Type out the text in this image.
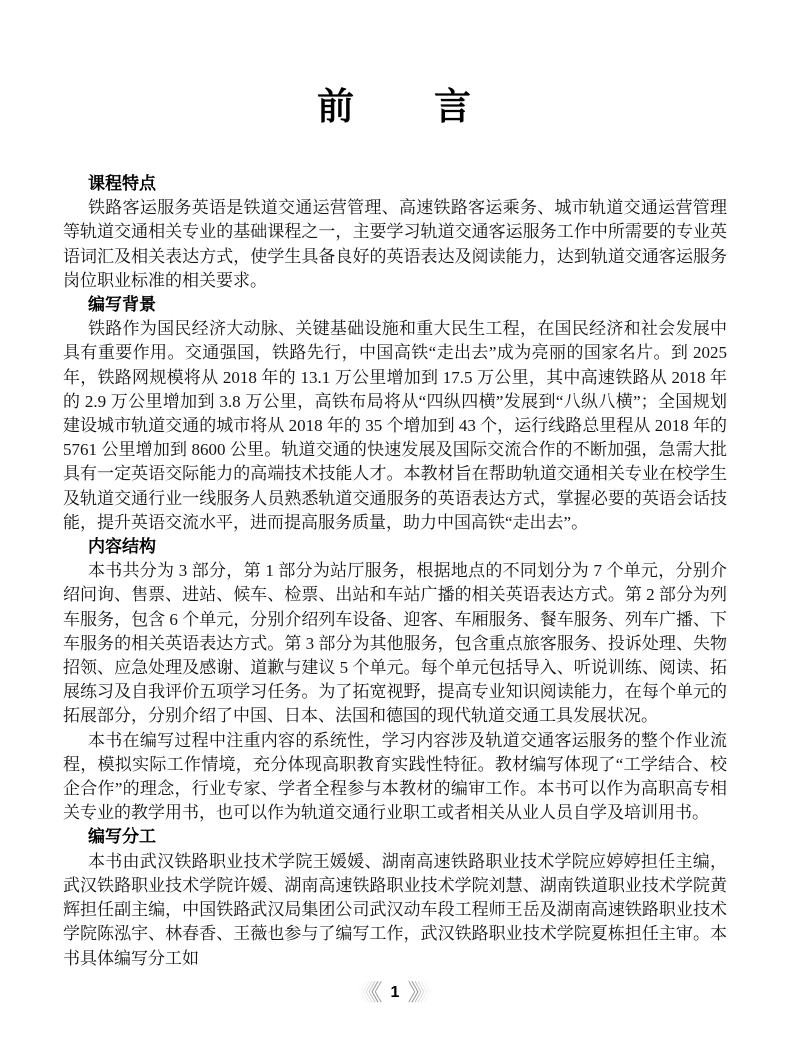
前　　言
课程特点

铁路客运服务英语是铁道交通运营管理、高速铁路客运乘务、城市轨道交通运营管理等轨道交通相关专业的基础课程之一，主要学习轨道交通客运服务工作中所需要的专业英语词汇及相关表达方式，使学生具备良好的英语表达及阅读能力，达到轨道交通客运服务岗位职业标准的相关要求。

编写背景

铁路作为国民经济大动脉、关键基础设施和重大民生工程，在国民经济和社会发展中具有重要作用。交通强国，铁路先行，中国高铁“走出去”成为亮丽的国家名片。到 2025 年，铁路网规模将从 2018 年的 13.1 万公里增加到 17.5 万公里，其中高速铁路从 2018 年的 2.9 万公里增加到 3.8 万公里，高铁布局将从“四纵四横”发展到“八纵八横”；全国规划建设城市轨道交通的城市将从 2018 年的 35 个增加到 43 个，运行线路总里程从 2018 年的 5761 公里增加到 8600 公里。轨道交通的快速发展及国际交流合作的不断加强，急需大批具有一定英语交际能力的高端技术技能人才。本教材旨在帮助轨道交通相关专业在校学生及轨道交通行业一线服务人员熟悉轨道交通服务的英语表达方式，掌握必要的英语会话技能，提升英语交流水平，进而提高服务质量，助力中国高铁“走出去”。

内容结构

本书共分为 3 部分，第 1 部分为站厅服务，根据地点的不同划分为 7 个单元，分别介绍问询、售票、进站、候车、检票、出站和车站广播的相关英语表达方式。第 2 部分为列车服务，包含 6 个单元，分别介绍列车设备、迎客、车厢服务、餐车服务、列车广播、下车服务的相关英语表达方式。第 3 部分为其他服务，包含重点旅客服务、投诉处理、失物招领、应急处理及感谢、道歉与建议 5 个单元。每个单元包括导入、听说训练、阅读、拓展练习及自我评价五项学习任务。为了拓宽视野，提高专业知识阅读能力，在每个单元的拓展部分，分别介绍了中国、日本、法国和德国的现代轨道交通工具发展状况。

本书在编写过程中注重内容的系统性，学习内容涉及轨道交通客运服务的整个作业流程，模拟实际工作情境，充分体现高职教育实践性特征。教材编写体现了“工学结合、校企合作”的理念，行业专家、学者全程参与本教材的编审工作。本书可以作为高职高专相关专业的教学用书，也可以作为轨道交通行业职工或者相关从业人员自学及培训用书。

编写分工

本书由武汉铁路职业技术学院王媛媛、湖南高速铁路职业技术学院应婷婷担任主编，武汉铁路职业技术学院许媛、湖南高速铁路职业技术学院刘慧、湖南铁道职业技术学院黄辉担任副主编，中国铁路武汉局集团公司武汉动车段工程师王岳及湖南高速铁路职业技术学院陈泓宇、林春香、王薇也参与了编写工作，武汉铁路职业技术学院夏栋担任主审。本书具体编写分工如

《 1 》
